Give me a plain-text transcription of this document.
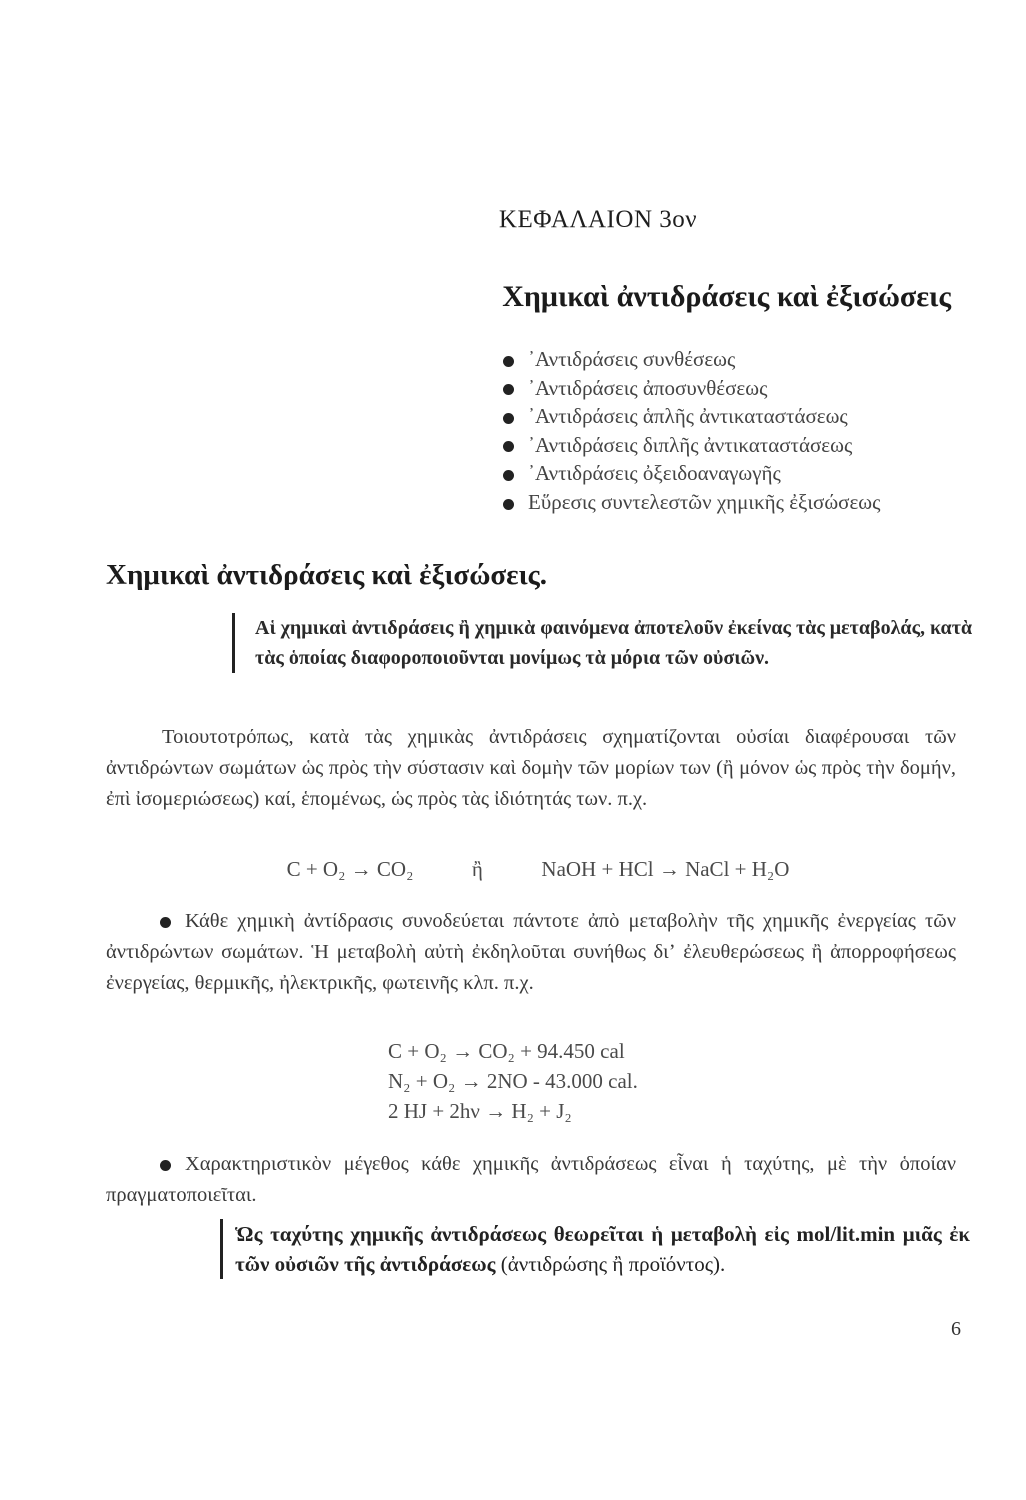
ΚΕΦΑΛΑΙΟΝ 3ον
Χημικαὶ ἀντιδράσεις καὶ ἐξισώσεις
᾽Αντιδράσεις συνθέσεως
᾽Αντιδράσεις ἀποσυνθέσεως
᾽Αντιδράσεις ἁπλῆς ἀντικαταστάσεως
᾽Αντιδράσεις διπλῆς ἀντικαταστάσεως
᾽Αντιδράσεις ὀξειδοαναγωγῆς
Εὕρεσις συντελεστῶν χημικῆς ἐξισώσεως
Χημικαὶ ἀντιδράσεις καὶ ἐξισώσεις.
Αἱ χημικαὶ ἀντιδράσεις ἢ χημικὰ φαινόμενα ἀποτελοῦν ἐκείνας τὰς μεταβολάς, κατὰ τὰς ὁποίας διαφοροποιοῦνται μονίμως τὰ μόρια τῶν οὐσιῶν.
Τοιουτοτρόπως, κατὰ τὰς χημικὰς ἀντιδράσεις σχηματίζονται οὐσίαι διαφέρουσαι τῶν ἀντιδρώντων σωμάτων ὡς πρὸς τὴν σύστασιν καὶ δομὴν τῶν μορίων των (ἢ μόνον ὡς πρὸς τὴν δομήν, ἐπὶ ἰσομεριώσεως) καί, ἑπομένως, ὡς πρὸς τὰς ἰδιότητάς των. π.χ.
C + O₂ → CO₂	ἢ	NaOH + HCl → NaCl + H₂O
Κάθε χημικὴ ἀντίδρασις συνοδεύεται πάντοτε ἀπὸ μεταβολὴν τῆς χημικῆς ἐνεργείας τῶν ἀντιδρώντων σωμάτων. Ἡ μεταβολὴ αὐτὴ ἐκδηλοῦται συνήθως διʼ ἐλευθερώσεως ἢ ἀπορροφήσεως ἐνεργείας, θερμικῆς, ἠλεκτρικῆς, φωτεινῆς κλπ. π.χ.
C + O₂ → CO₂ + 94.450 cal
N₂ + O₂ → 2NO - 43.000 cal.
2 HJ + 2hν → H₂ + J₂
Χαρακτηριστικὸν μέγεθος κάθε χημικῆς ἀντιδράσεως εἶναι ἡ ταχύτης, μὲ τὴν ὁποίαν πραγματοποιεῖται.
Ὡς ταχύτης χημικῆς ἀντιδράσεως θεωρεῖται ἡ μεταβολὴ εἰς mol/lit.min μιᾶς ἐκ τῶν οὐσιῶν τῆς ἀντιδράσεως (ἀντιδρώσης ἢ προϊόντος).
6
